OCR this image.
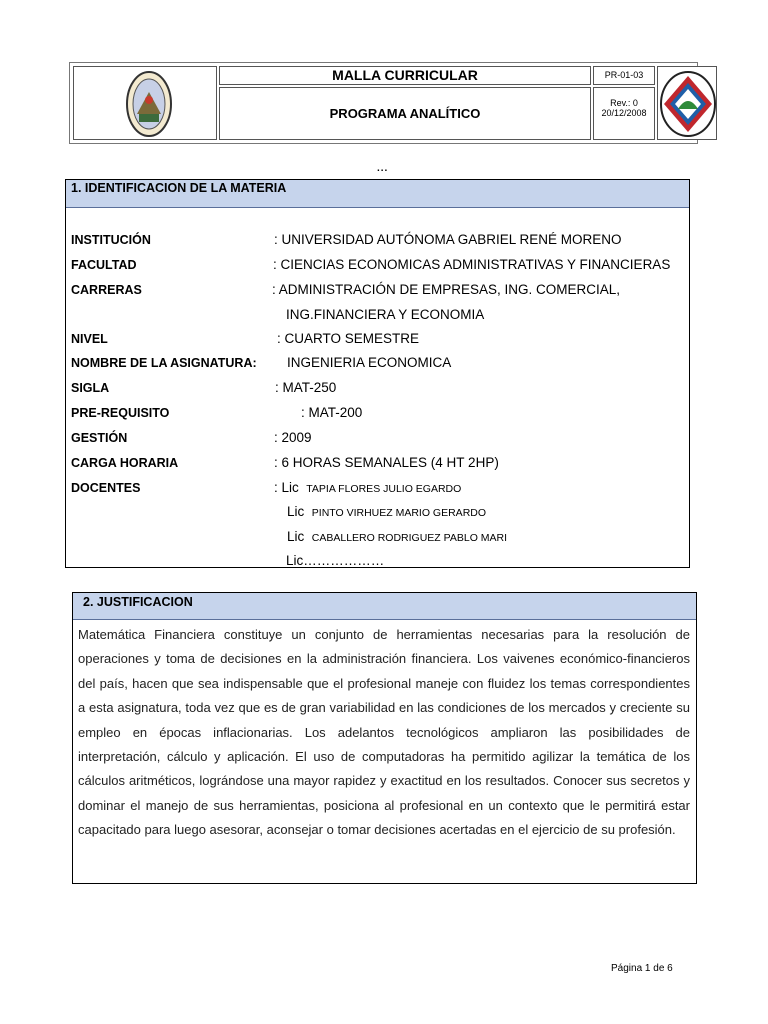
MALLA CURRICULAR
PROGRAMA ANALÍTICO
PR-01-03
Rev.: 0
20/12/2008
...
1. IDENTIFICACION DE LA MATERIA
INSTITUCIÓN	: UNIVERSIDAD AUTÓNOMA GABRIEL RENÉ MORENO
FACULTAD	: CIENCIAS ECONOMICAS ADMINISTRATIVAS Y FINANCIERAS
CARRERAS	: ADMINISTRACIÓN DE EMPRESAS, ING. COMERCIAL,
ING.FINANCIERA Y ECONOMIA
NIVEL	: CUARTO SEMESTRE
NOMBRE DE LA ASIGNATURA: INGENIERIA ECONOMICA
SIGLA	: MAT-250
PRE-REQUISITO	: MAT-200
GESTIÓN	: 2009
CARGA HORARIA	: 6 HORAS SEMANALES (4 HT 2HP)
DOCENTES	: Lic TAPIA FLORES JULIO EGARDO
Lic PINTO VIRHUEZ MARIO GERARDO
Lic CABALLERO RODRIGUEZ PABLO MARI
Lic………………
2. JUSTIFICACION
Matemática Financiera constituye un conjunto de herramientas necesarias para la resolución de operaciones y toma de decisiones en la administración financiera. Los vaivenes económico-financieros del país, hacen que sea indispensable que el profesional maneje con fluidez los temas correspondientes a esta asignatura, toda vez que es de gran variabilidad en las condiciones de los mercados y creciente su empleo en épocas inflacionarias. Los adelantos tecnológicos ampliaron las posibilidades de interpretación, cálculo y aplicación. El uso de computadoras ha permitido agilizar la temática de los cálculos aritméticos, lográndose una mayor rapidez y exactitud en los resultados. Conocer sus secretos y dominar el manejo de sus herramientas, posiciona al profesional en un contexto que le permitirá estar capacitado para luego asesorar, aconsejar o tomar decisiones acertadas en el ejercicio de su profesión.
Página 1 de 6
